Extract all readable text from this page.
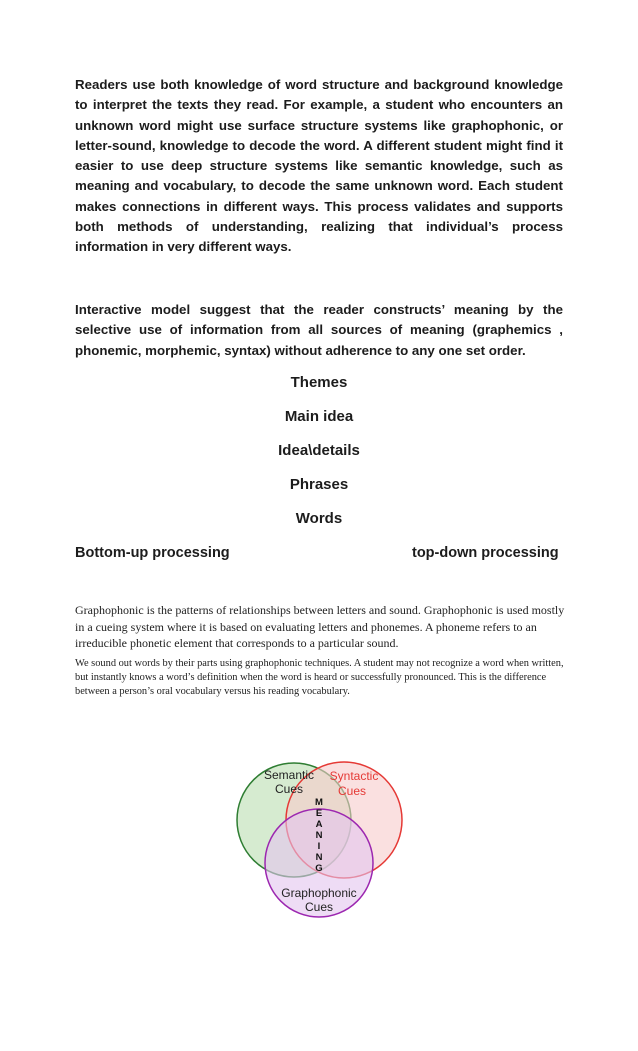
Readers use both knowledge of word structure and background knowledge to interpret the texts they read. For example, a student who encounters an unknown word might use surface structure systems like graphophonic, or letter-sound, knowledge to decode the word. A different student might find it easier to use deep structure systems like semantic knowledge, such as meaning and vocabulary, to decode the same unknown word. Each student makes connections in different ways. This process validates and supports both methods of understanding, realizing that individual’s process information in very different ways.

Interactive model suggest that the reader constructs’ meaning by the selective use of information from all sources of meaning (graphemics , phonemic, morphemic, syntax) without adherence to any one set order.

Themes
Main idea
Idea\details
Phrases
Words
Bottom-up processing	top-down processing

Graphophonic is the patterns of relationships between letters and sound. Graphophonic is used mostly in a cueing system where it is based on evaluating letters and phonemes. A phoneme refers to an irreducible phonetic element that corresponds to a particular sound.

We sound out words by their parts using graphophonic techniques. A student may not recognize a word when written, but instantly knows a word’s definition when the word is heard or successfully pronounced. This is the difference between a person’s oral vocabulary versus his reading vocabulary.

Semantic
Cues
Syntactic
Cues
Graphophonic
Cues
M
E
A
N
I
N
G
